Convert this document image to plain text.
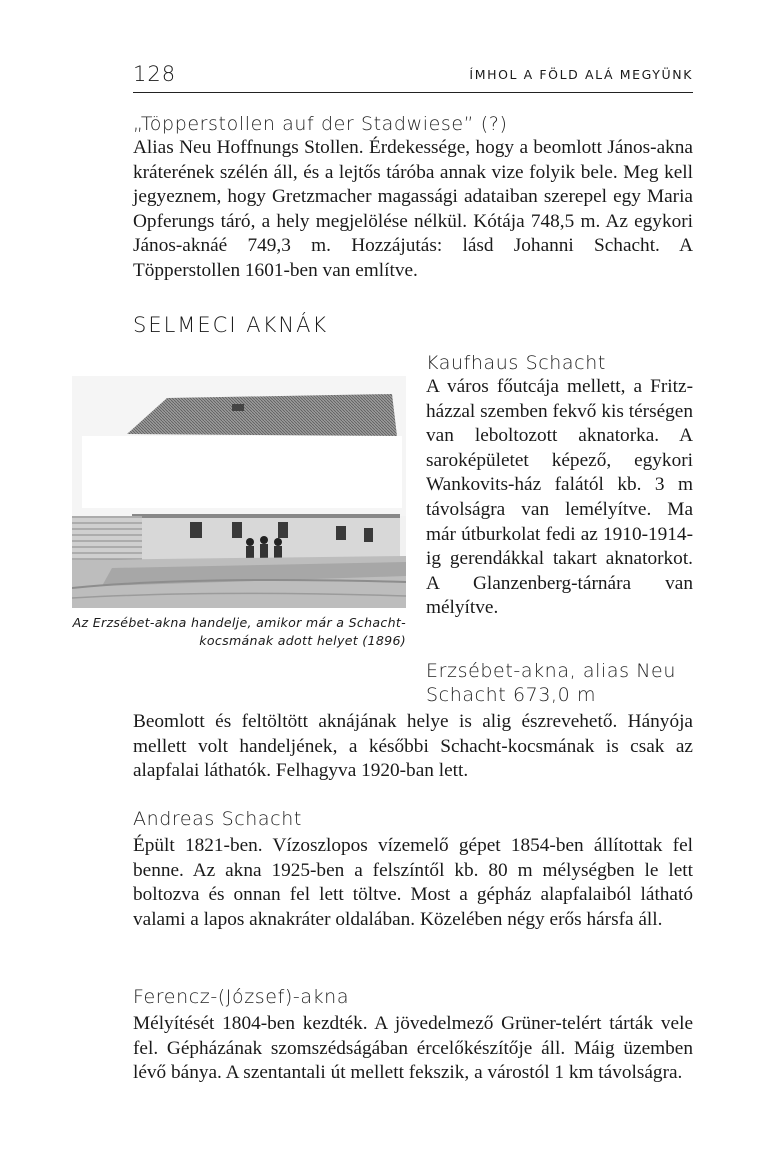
128	ÍMHOL A FÖLD ALÁ MEGYÜNK
„Töpperstollen auf der Stadwiese” (?)
Alias Neu Hoffnungs Stollen. Érdekessége, hogy a beomlott János-akna kráterének szélén áll, és a lejtős táróba annak vize folyik bele. Meg kell jegyeznem, hogy Gretzmacher magassági adataiban szerepel egy Maria Opferungs táró, a hely megjelölése nélkül. Kótája 748,5 m. Az egykori János-aknáé 749,3 m. Hozzájutás: lásd Johanni Schacht. A Töpperstollen 1601-ben van említve.
SELMECI AKNÁK
Az Erzsébet-akna handelje, amikor már a Schacht-kocsmának adott helyet (1896)
Kaufhaus Schacht
A város főutcája mellett, a Fritz-házzal szemben fekvő kis térségen van leboltozott aknatorka. A saroképületet képező, egykori Wankovits-ház falától kb. 3 m távolságra van lemélyítve. Ma már útburkolat fedi az 1910-1914-ig gerendákkal takart aknatorkot. A Glanzenberg-tárnára van mélyítve.
Erzsébet-akna, alias Neu
Schacht 673,0 m
Beomlott és feltöltött aknájának helye is alig észrevehető. Hányója mellett volt handeljének, a későbbi Schacht-kocsmának is csak az alapfalai láthatók. Felhagyva 1920-ban lett.
Andreas Schacht
Épült 1821-ben. Vízoszlopos vízemelő gépet 1854-ben állítottak fel benne. Az akna 1925-ben a felszíntől kb. 80 m mélységben le lett boltozva és onnan fel lett töltve. Most a gépház alapfalaiból látható valami a lapos aknakráter oldalában. Közelében négy erős hársfa áll.
Ferencz-(József)-akna
Mélyítését 1804-ben kezdték. A jövedelmező Grüner-telért tárták vele fel. Gépházának szomszédságában ércelőkészítője áll. Máig üzemben lévő bánya. A szentantali út mellett fekszik, a várostól 1 km távolságra.
